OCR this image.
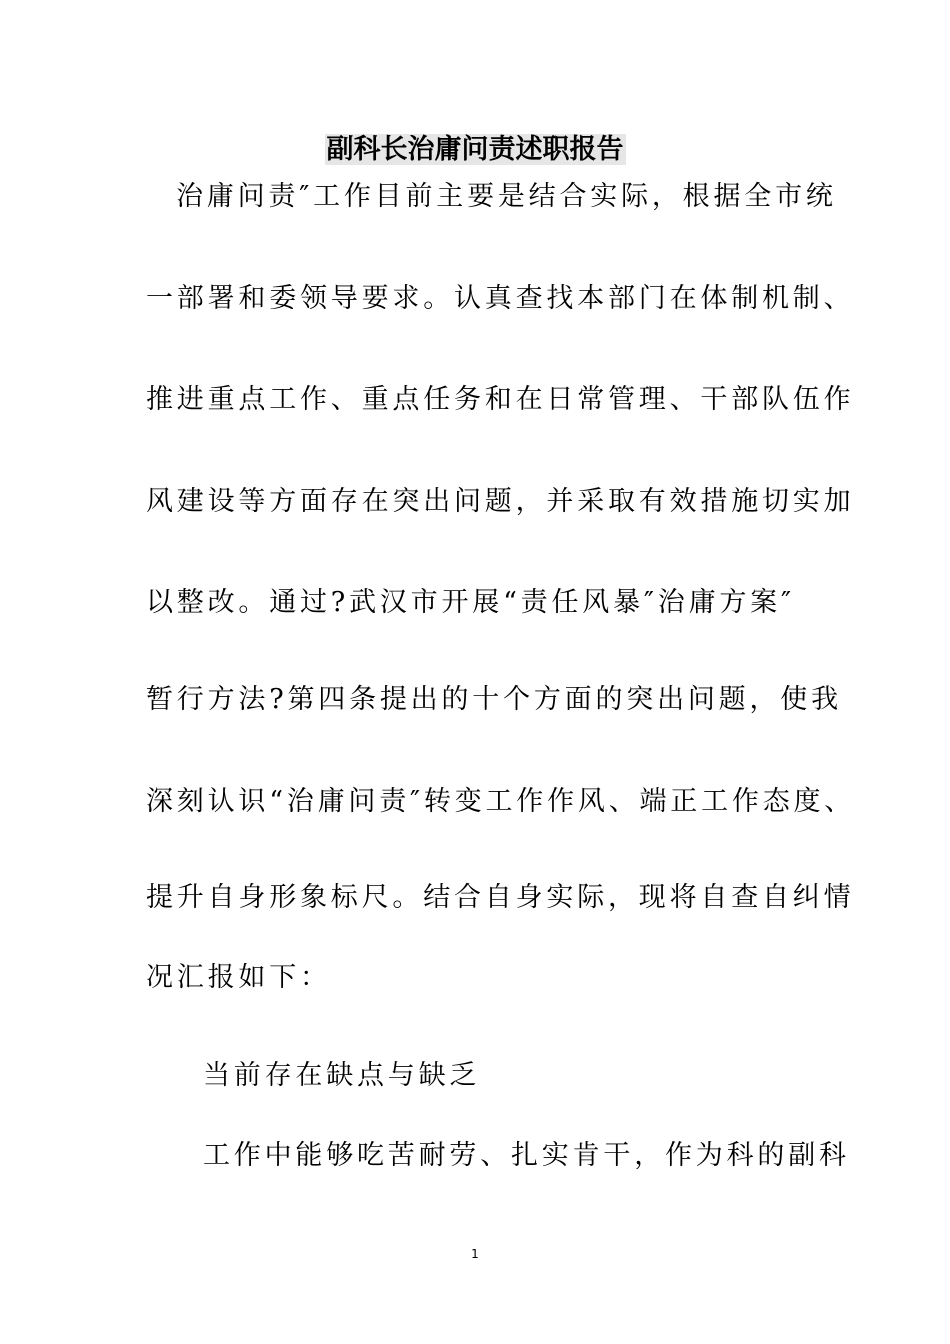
副科长治庸问责述职报告
治庸问责″工作目前主要是结合实际，根据全市统
一部署和委领导要求。认真查找本部门在体制机制、
推进重点工作、重点任务和在日常管理、干部队伍作
风建设等方面存在突出问题，并采取有效措施切实加
以整改。通过?武汉市开展“责任风暴″治庸方案″
暂行方法?第四条提出的十个方面的突出问题，使我
深刻认识“治庸问责″转变工作作风、端正工作态度、
提升自身形象标尺。结合自身实际，现将自查自纠情
况汇报如下：
当前存在缺点与缺乏
工作中能够吃苦耐劳、扎实肯干，作为科的副科
1
